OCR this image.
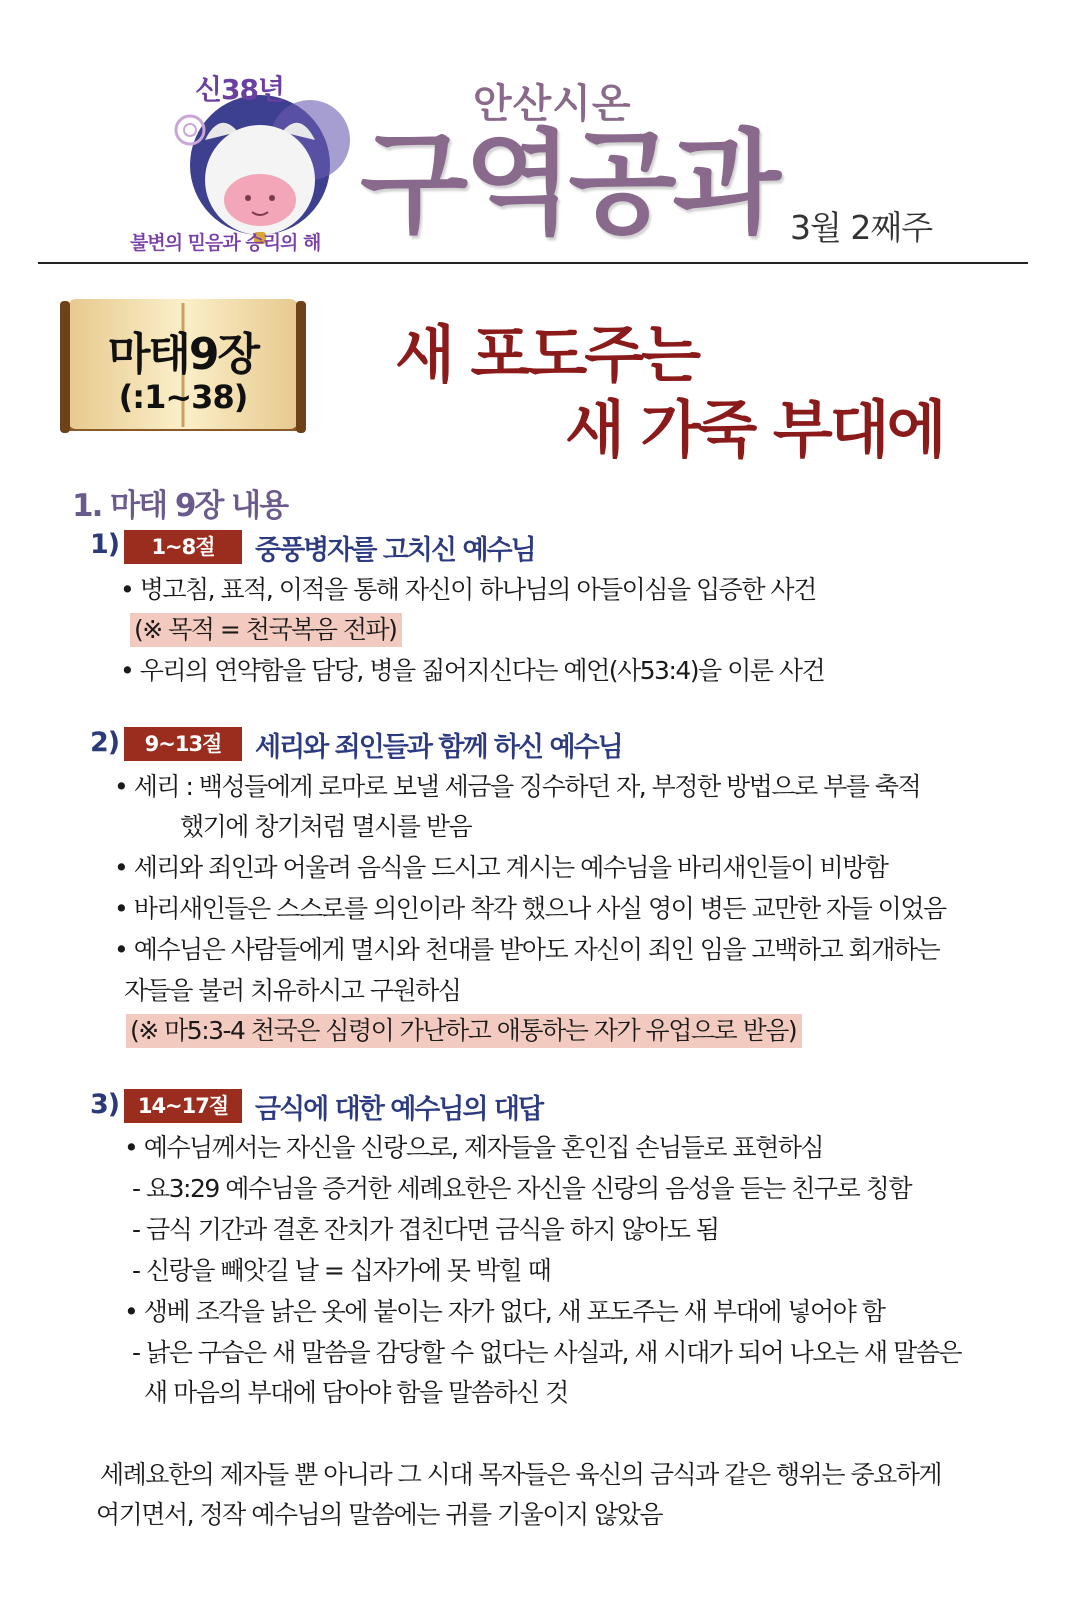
신38년
불변의 믿음과 승리의 해
안산시온
구역공과 3월 2째주
마태9장
(:1~38)
새 포도주는
새 가죽 부대에
1. 마태 9장 내용
1)	1~8절	중풍병자를 고치신 예수님
• 병고침, 표적, 이적을 통해 자신이 하나님의 아들이심을 입증한 사건
(※ 목적 = 천국복음 전파)
• 우리의 연약함을 담당, 병을 짊어지신다는 예언(사53:4)을 이룬 사건
2)	9~13절	세리와 죄인들과 함께 하신 예수님
• 세리 : 백성들에게 로마로 보낼 세금을 징수하던 자, 부정한 방법으로 부를 축적
했기에 창기처럼 멸시를 받음
• 세리와 죄인과 어울려 음식을 드시고 계시는 예수님을 바리새인들이 비방함
• 바리새인들은 스스로를 의인이라 착각 했으나 사실 영이 병든 교만한 자들 이었음
• 예수님은 사람들에게 멸시와 천대를 받아도 자신이 죄인 임을 고백하고 회개하는
자들을 불러 치유하시고 구원하심
(※ 마5:3-4 천국은 심령이 가난하고 애통하는 자가 유업으로 받음)
3) 14~17절 금식에 대한 예수님의 대답
• 예수님께서는 자신을 신랑으로, 제자들을 혼인집 손님들로 표현하심
- 요3:29 예수님을 증거한 세례요한은 자신을 신랑의 음성을 듣는 친구로 칭함
- 금식 기간과 결혼 잔치가 겹친다면 금식을 하지 않아도 됨
- 신랑을 빼앗길 날 = 십자가에 못 박힐 때
• 생베 조각을 낡은 옷에 붙이는 자가 없다, 새 포도주는 새 부대에 넣어야 함
- 낡은 구습은 새 말씀을 감당할 수 없다는 사실과, 새 시대가 되어 나오는 새 말씀은
새 마음의 부대에 담아야 함을 말씀하신 것
세례요한의 제자들 뿐 아니라 그 시대 목자들은 육신의 금식과 같은 행위는 중요하게
여기면서, 정작 예수님의 말씀에는 귀를 기울이지 않았음
